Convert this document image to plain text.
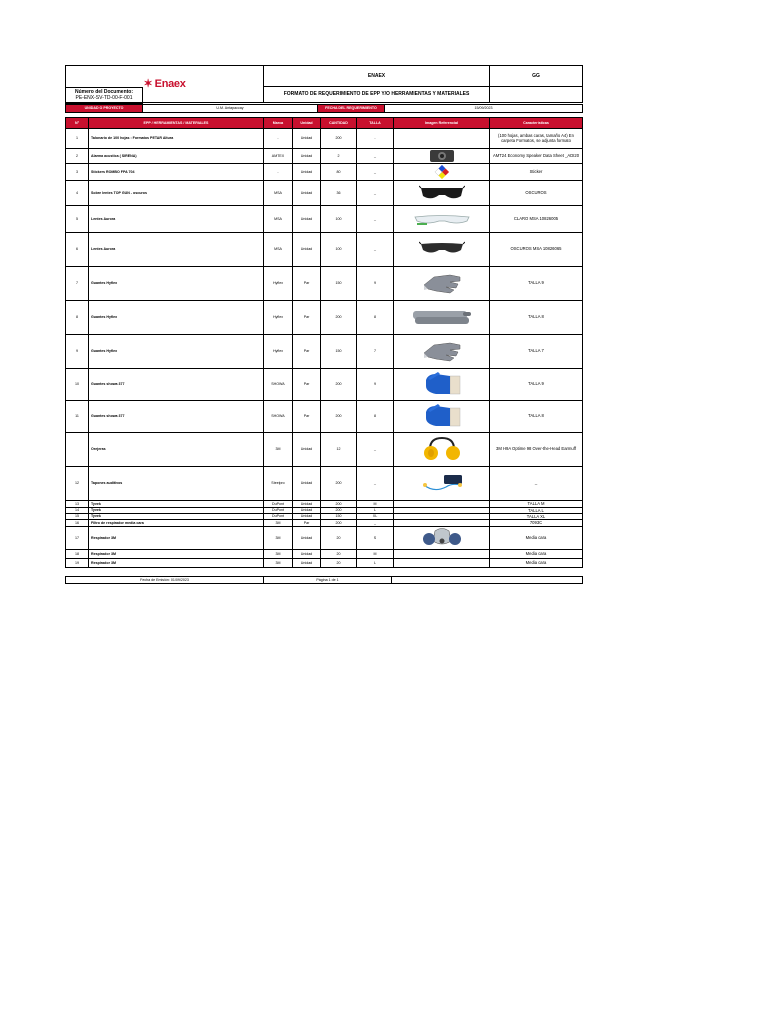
✶ Enaex	ENAEX	GG
	FORMATO DE REQUERIMIENTO DE EPP Y/O HERRAMIENTAS Y MATERIALES	

Número del Documento:
PE-ENX-SV-TD-00-F-001	
UNIDAD O PROYECTO	U.M. Antapaccay	FECHA DEL REQUERIMIENTO	15/09/2023
N°	EPP / HERRAMIENTAS / MATERIALES	Marca	Unidad	CANTIDAD	TALLA	Imagen Referencial	Características
1	Talonario de 100 hojas : Formatos PETAR Altura	-	Unidad	200	-		(100 hojas, ambas caras, tamaño A4) En carpeta Formatos, se adjunta formato
2	Alarma acustica ( SIRENA)	AMTEX	Unidad	2	_		AMT24 Economy Speaker Data Sheet _ADI20
3	Stickers ROMBO FPA 704	-	Unidad	80	_		Sticker
4	Sobre lentes TOP GUN - oscuros	MSA	Unidad	36	_		OSCUROS
5	Lentes Aurora	MSA	Unidad	100	_		CLARO MSA 10826005
6	Lentes Aurora	MSA	Unidad	100	_		OSCUROS MSA 10826065
7	Guantes Hyflex	Hyflex	Par	150	9		TALLA 9
8	Guantes Hyflex	Hyflex	Par	200	8		TALLA 8
9	Guantes Hyflex	Hyflex	Par	150	7		TALLA 7
10	Guantes showa 377	SHOWA	Par	200	9		TALLA 9
11	Guantes showa 377	SHOWA	Par	200	8		TALLA 8
	Orejeras	3M	Unidad	12	_		3M H9A Optime 98 Over-the-Head Earmuff
12	Tapones auditivos	Steelpro	Unidad	200	_		_
13	Tyvek	DuPont	Unidad	200	M		TALLA M
14	Tyvek	DuPont	Unidad	200	L		TALLA L
15	Tyvek	DuPont	Unidad	150	XL		TALLA XL
16	Filtro de respirador media cara	3M	Par	200	_		7093C
17	Respirador 3M	3M	Unidad	20	S		Media cara
18	Respirador 3M	3M	Unidad	20	M		Media cara
19	Respirador 3M	3M	Unidad	20	L		Media cara
Fecha de Emisión: 01/09/2023	Página 1 de 1	
